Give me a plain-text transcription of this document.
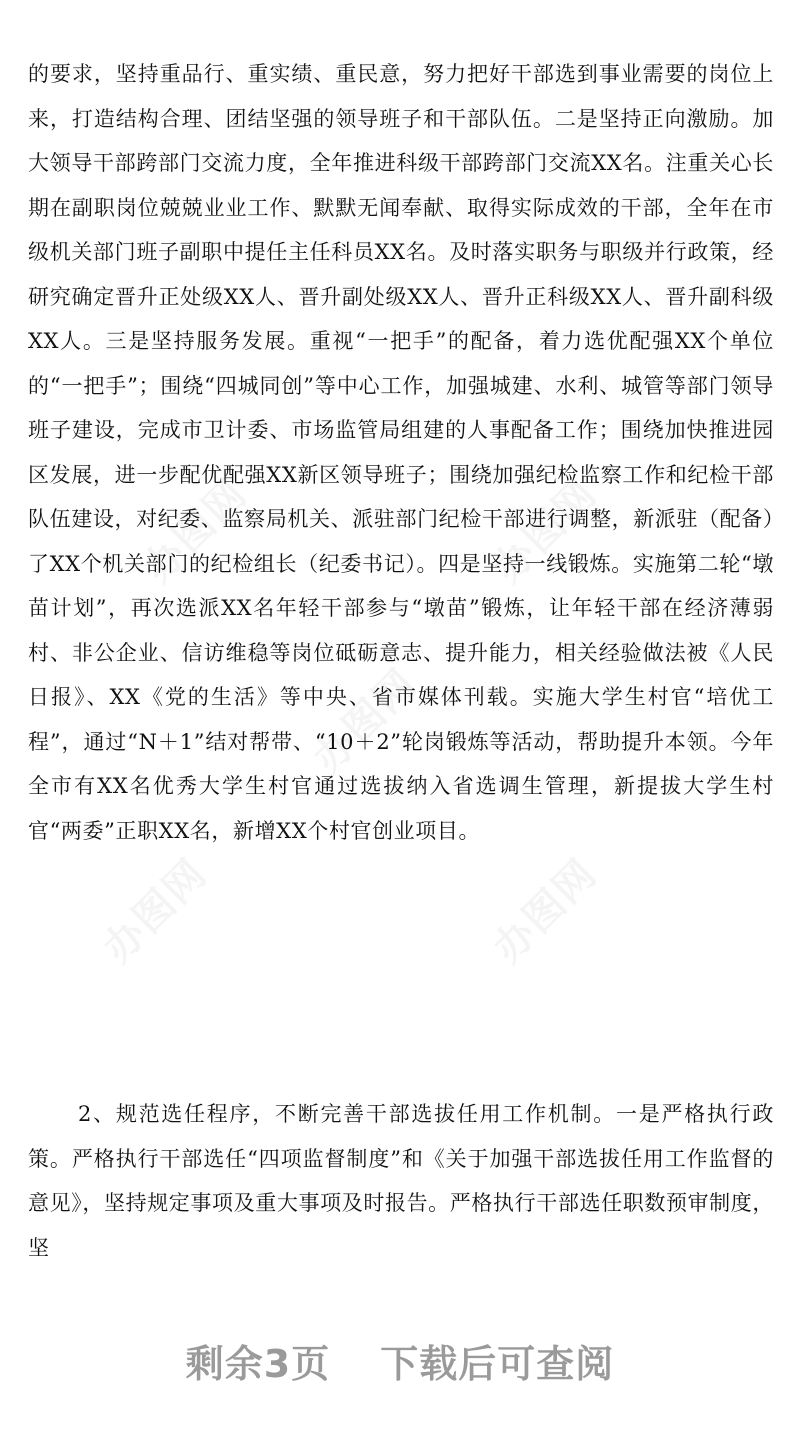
办图网	办图网
办图网
办图网	办图网

的要求，坚持重品行、重实绩、重民意，努力把好干部选到事业需要的岗位上来，打造结构合理、团结坚强的领导班子和干部队伍。二是坚持正向激励。加大领导干部跨部门交流力度，全年推进科级干部跨部门交流XX名。注重关心长期在副职岗位兢兢业业工作、默默无闻奉献、取得实际成效的干部，全年在市级机关部门班子副职中提任主任科员XX名。及时落实职务与职级并行政策，经研究确定晋升正处级XX人、晋升副处级XX人、晋升正科级XX人、晋升副科级XX人。三是坚持服务发展。重视“一把手”的配备，着力选优配强XX个单位的“一把手”；围绕“四城同创”等中心工作，加强城建、水利、城管等部门领导班子建设，完成市卫计委、市场监管局组建的人事配备工作；围绕加快推进园区发展，进一步配优配强XX新区领导班子；围绕加强纪检监察工作和纪检干部队伍建设，对纪委、监察局机关、派驻部门纪检干部进行调整，新派驻（配备）了XX个机关部门的纪检组长（纪委书记）。四是坚持一线锻炼。实施第二轮“墩苗计划”，再次选派XX名年轻干部参与“墩苗”锻炼，让年轻干部在经济薄弱村、非公企业、信访维稳等岗位砥砺意志、提升能力，相关经验做法被《人民日报》、XX《党的生活》等中央、省市媒体刊载。实施大学生村官“培优工程”，通过“N＋1”结对帮带、“10＋2”轮岗锻炼等活动，帮助提升本领。今年全市有XX名优秀大学生村官通过选拔纳入省选调生管理，新提拔大学生村官“两委”正职XX名，新增XX个村官创业项目。

2、规范选任程序，不断完善干部选拔任用工作机制。一是严格执行政策。严格执行干部选任“四项监督制度”和《关于加强干部选拔任用工作监督的意见》，坚持规定事项及重大事项及时报告。严格执行干部选任职数预审制度，坚

剩余3页 下载后可查阅
